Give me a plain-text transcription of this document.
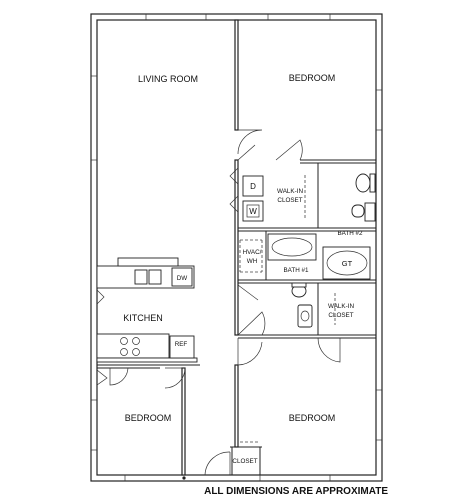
LIVING ROOM	BEDROOM
KITCHEN
BEDROOM	BEDROOM
WALK-IN
CLOSET
WALK-IN
CLOSET
BATH #1
BATH #2
CLOSET
D
W
HVAC/
WH
DW
REF
GT
ALL DIMENSIONS ARE APPROXIMATE
